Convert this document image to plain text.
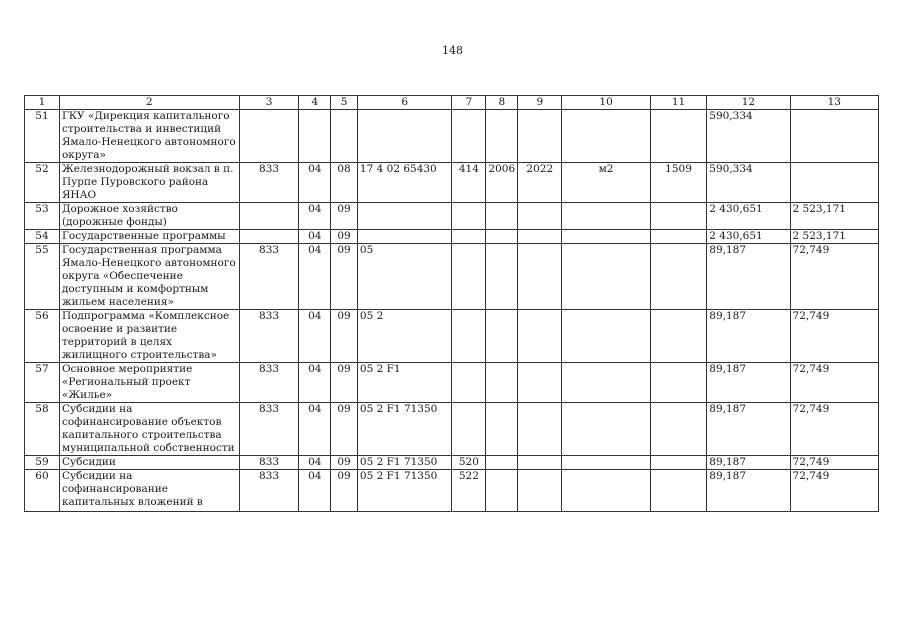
148
1	2	3	4	5	6	7	8	9	10	11	12	13
51	ГКУ «Дирекция капитального строительства и инвестиций Ямало-Ненецкого автономного округа»										590,334	
52	Железнодорожный вокзал в п. Пурпе Пуровского района ЯНАО	833	04	08	17 4 02 65430	414	2006	2022	м2	1509	590,334	
53	Дорожное хозяйство (дорожные фонды)		04	09							2 430,651	2 523,171
54	Государственные программы		04	09							2 430,651	2 523,171
55	Государственная программа Ямало-Ненецкого автономного округа «Обеспечение доступным и комфортным жильем населения»	833	04	09	05						89,187	72,749
56	Подпрограмма «Комплексное освоение и развитие территорий в целях жилищного строительства»	833	04	09	05 2						89,187	72,749
57	Основное мероприятие «Региональный проект «Жилье»	833	04	09	05 2 F1						89,187	72,749
58	Субсидии на софинансирование объектов капитального строительства муниципальной собственности	833	04	09	05 2 F1 71350						89,187	72,749
59	Субсидии	833	04	09	05 2 F1 71350	520					89,187	72,749
60	Субсидии на софинансирование капитальных вложений в	833	04	09	05 2 F1 71350	522					89,187	72,749
